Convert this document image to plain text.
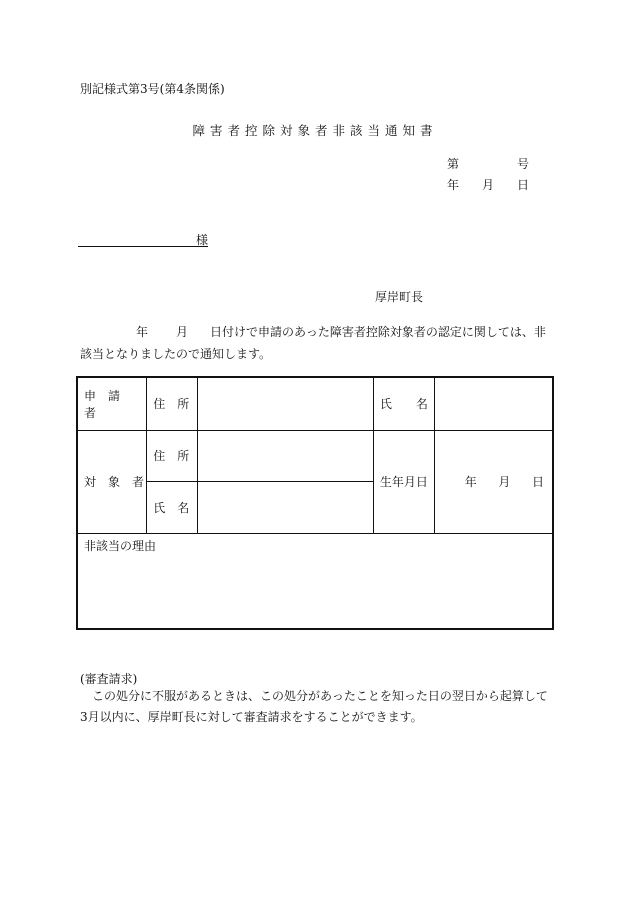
別記様式第3号(第4条関係)
障害者控除対象者非該当通知書
第	号
年 月 日
様
厚岸町長
年 月 日付けで申請のあった障害者控除対象者の認定に関しては、非該当となりましたので通知します。
申　請　者	住　所		氏　　名	
対　象　者	住　所		生年月日	年 月 日

	氏　名			
非該当の理由				
(審査請求)
この処分に不服があるときは、この処分があったことを知った日の翌日から起算して3月以内に、厚岸町長に対して審査請求をすることができます。
